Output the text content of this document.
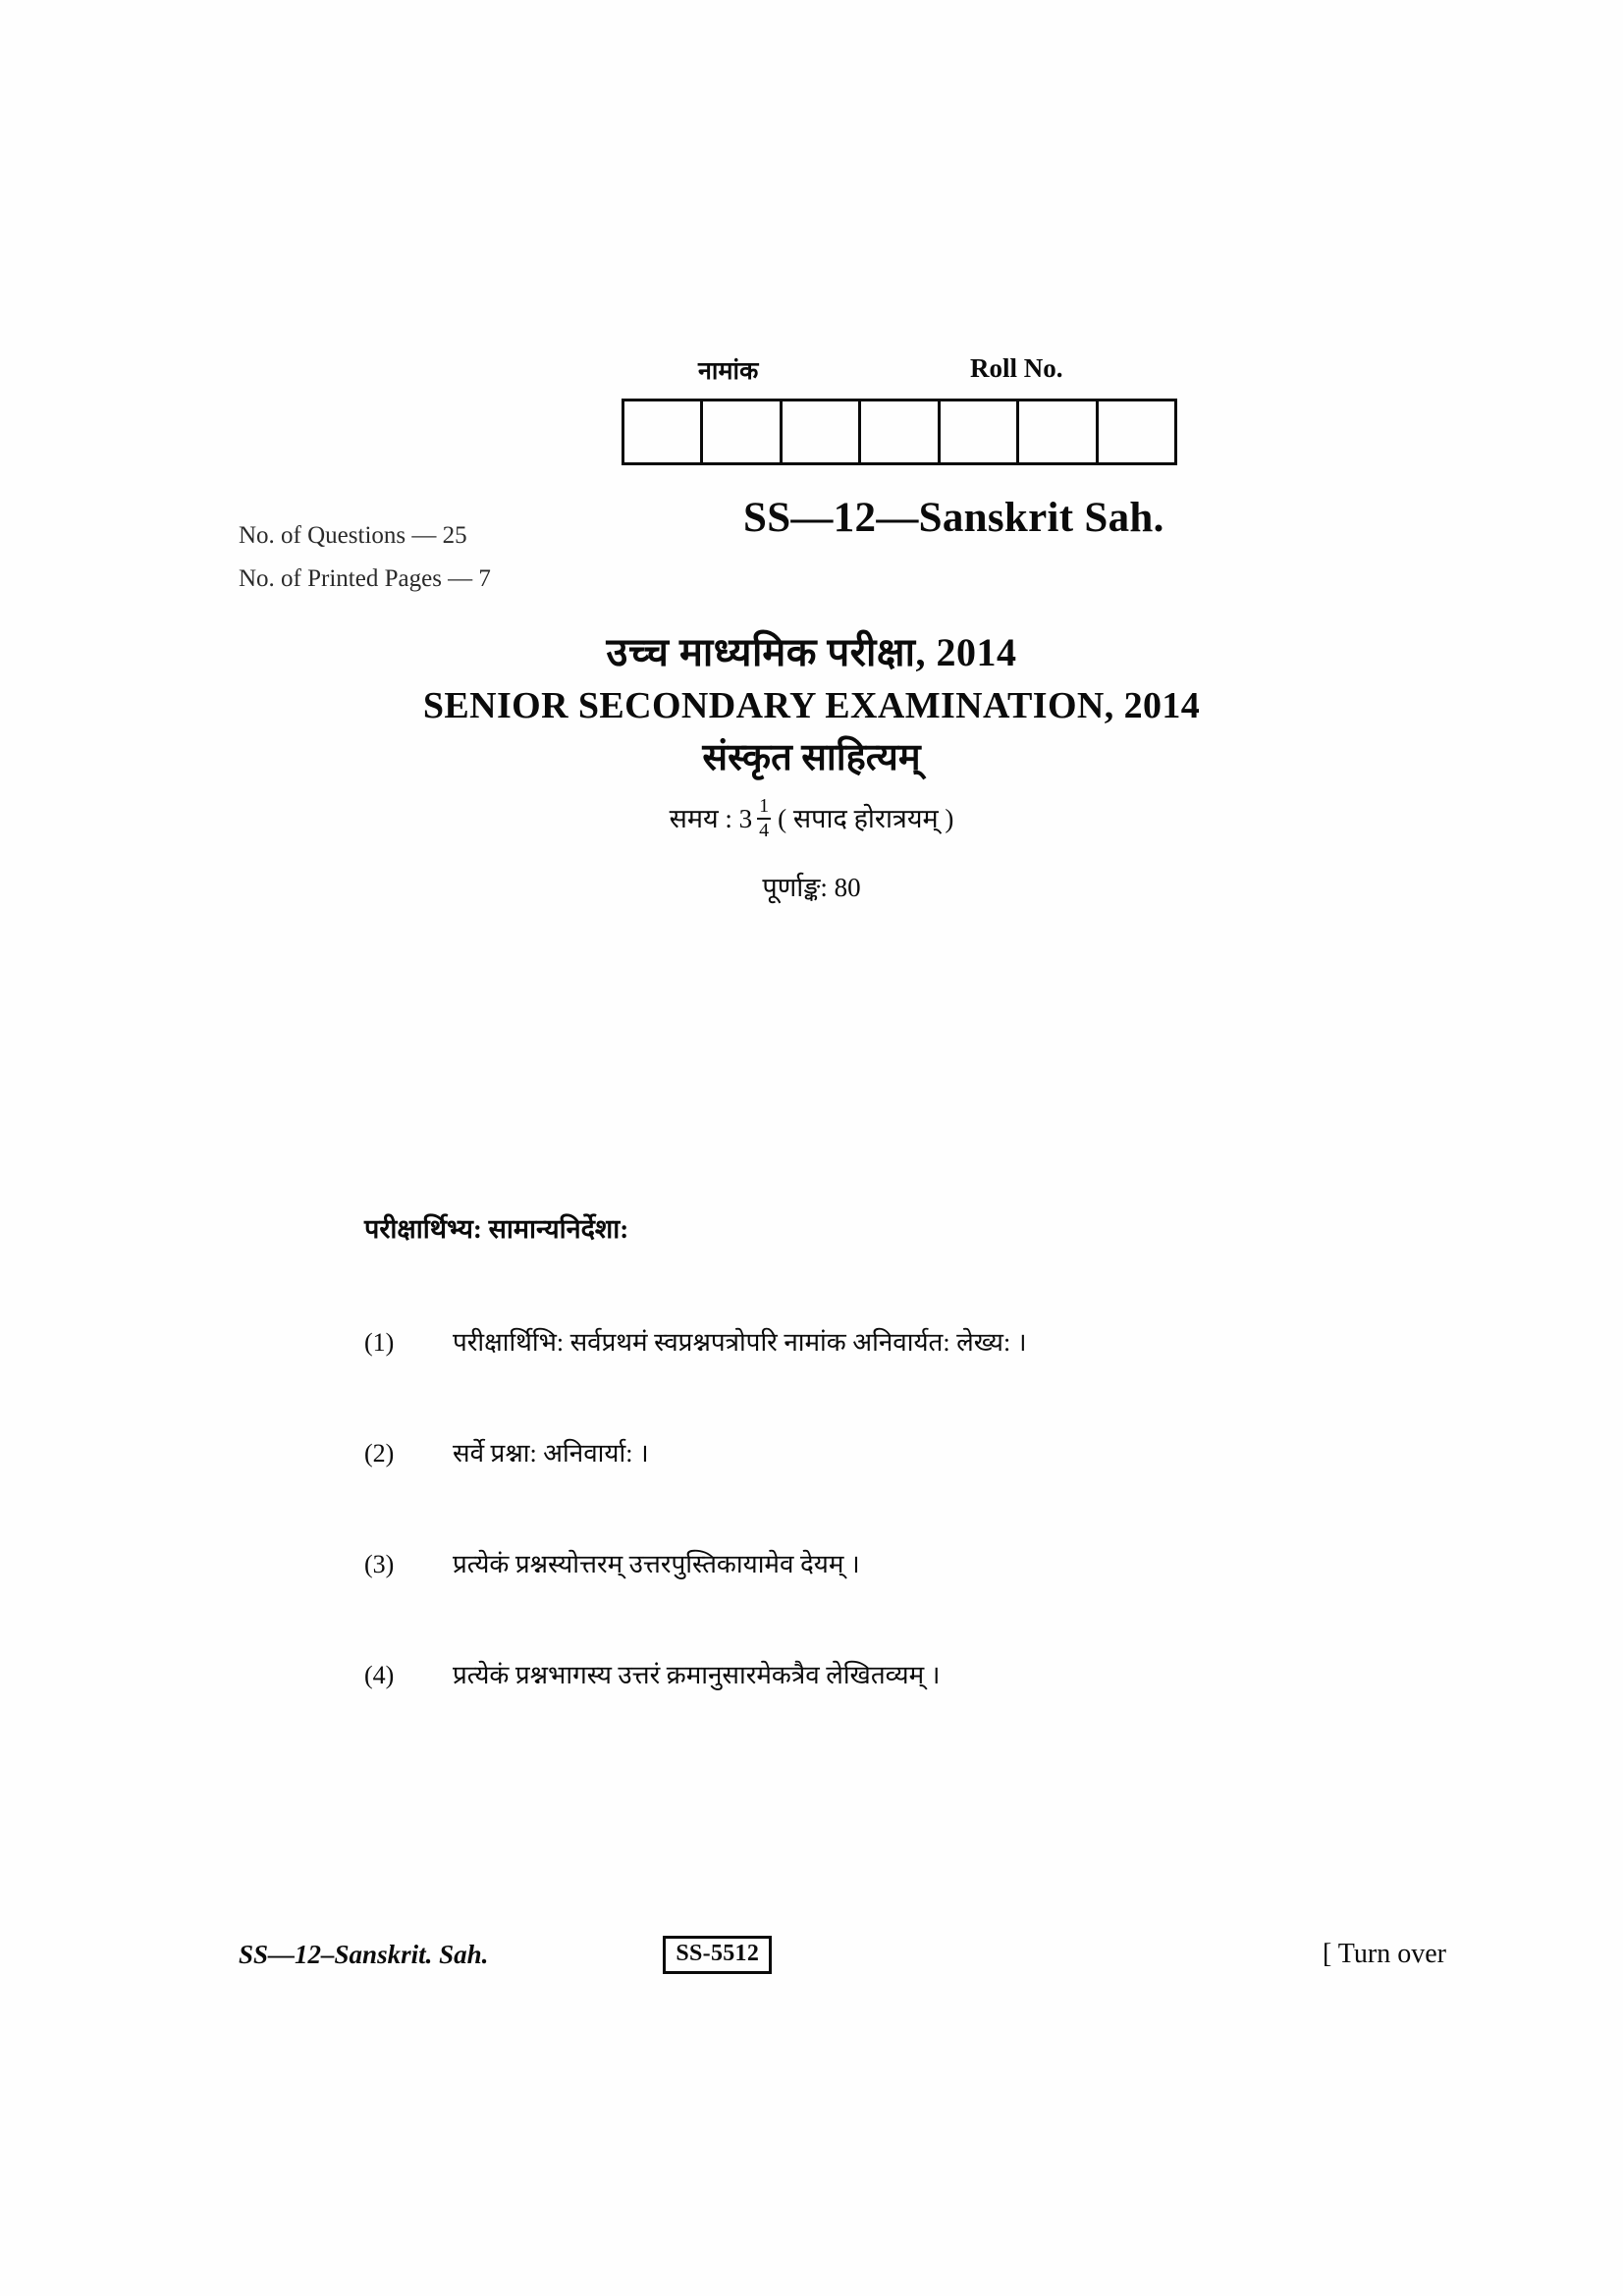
नामांक	Roll No.
No. of Questions — 25
No. of Printed Pages — 7
SS—12—Sanskrit Sah.
उच्च माध्यमिक परीक्षा, 2014
SENIOR SECONDARY EXAMINATION, 2014
संस्कृत साहित्यम्
समय : $3 \frac{1}{4}$ ( सपाद होरात्रयम् )
पूर्णाङ्क: 80
परीक्षार्थिभ्य: सामान्यनिर्देशा:
(1)	परीक्षार्थिभि: सर्वप्रथमं स्वप्रश्नपत्रोपरि नामांक अनिवार्यत: लेख्य: ।
(2)	सर्वे प्रश्ना: अनिवार्या: ।
(3)	प्रत्येकं प्रश्नस्योत्तरम् उत्तरपुस्तिकायामेव देयम् ।
(4)	प्रत्येकं प्रश्नभागस्य उत्तरं क्रमानुसारमेकत्रैव लेखितव्यम् ।
SS—12–Sanskrit. Sah.	SS-5512	[ Turn over
